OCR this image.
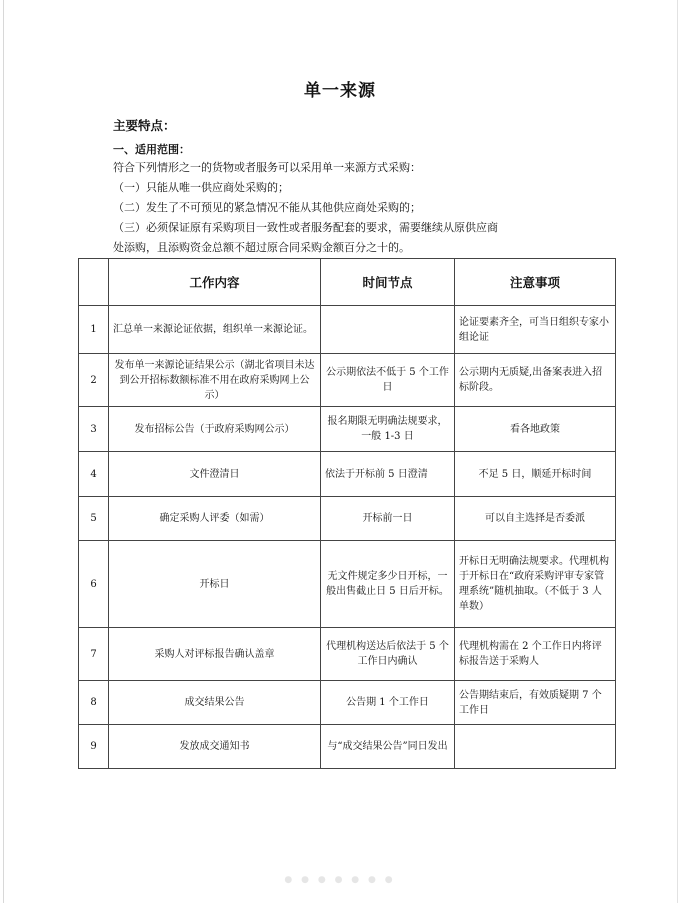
单一来源
主要特点：
一、适用范围：
符合下列情形之一的货物或者服务可以采用单一来源方式采购：
（一）只能从唯一供应商处采购的；
（二）发生了不可预见的紧急情况不能从其他供应商处采购的；
（三）必须保证原有采购项目一致性或者服务配套的要求，需要继续从原供应商
处添购，且添购资金总额不超过原合同采购金额百分之十的。
	工作内容	时间节点	注意事项
1	汇总单一来源论证依据，组织单一来源论证。		论证要素齐全，可当日组织专家小组论证
2	发布单一来源论证结果公示（湖北省项目未达到公开招标数额标准不用在政府采购网上公示）	公示期依法不低于 5 个工作日	公示期内无质疑,出备案表进入招标阶段。
3	发布招标公告（于政府采购网公示）	报名期限无明确法规要求，一般 1-3 日	看各地政策
4	文件澄清日	依法于开标前 5 日澄清	不足 5 日，顺延开标时间
5	确定采购人评委（如需）	开标前一日	可以自主选择是否委派
6	开标日	无文件规定多少日开标，一般出售截止日 5 日后开标。	开标日无明确法规要求。代理机构于开标日在“政府采购评审专家管理系统”随机抽取。（不低于 3 人单数）
7	采购人对评标报告确认盖章	代理机构送达后依法于 5 个工作日内确认	代理机构需在 2 个工作日内将评标报告送于采购人
8	成交结果公告	公告期 1 个工作日	公告期结束后，有效质疑期 7 个工作日
9	发放成交通知书	与“成交结果公告”同日发出	
● ● ● ● ● ● ●
